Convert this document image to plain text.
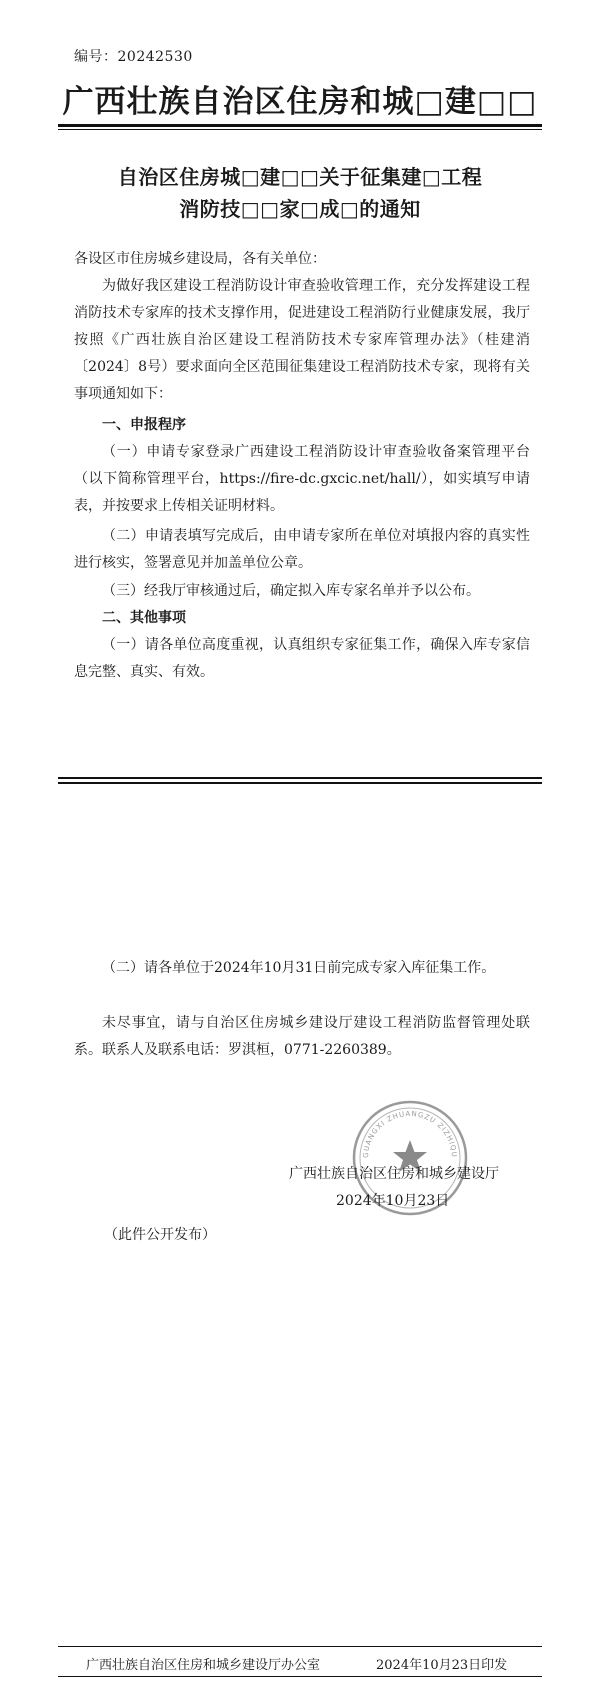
编号：20242530
广西壮族自治区住房和城□建□□
自治区住房城□建□□关于征集建□工程
消防技□□家□成□的通知

各设区市住房城乡建设局，各有关单位：

为做好我区建设工程消防设计审查验收管理工作，充分发挥建设工程消防技术专家库的技术支撑作用，促进建设工程消防行业健康发展，我厅按照《广西壮族自治区建设工程消防技术专家库管理办法》（桂建消〔2024〕8号）要求面向全区范围征集建设工程消防技术专家，现将有关事项通知如下：

一、申报程序

（一）申请专家登录广西建设工程消防设计审查验收备案管理平台（以下简称管理平台，https://fire-dc.gxcic.net/hall/），如实填写申请表，并按要求上传相关证明材料。

（二）申请表填写完成后，由申请专家所在单位对填报内容的真实性进行核实，签署意见并加盖单位公章。

（三）经我厅审核通过后，确定拟入库专家名单并予以公布。

二、其他事项

（一）请各单位高度重视，认真组织专家征集工作，确保入库专家信息完整、真实、有效。

（二）请各单位于2024年10月31日前完成专家入库征集工作。

未尽事宜，请与自治区住房城乡建设厅建设工程消防监督管理处联系。联系人及联系电话：罗淇桓，0771-2260389。

GUANGXI ZHUANGZU ZIZHIQU
广西壮族自治区住房和城乡建设厅
2024年10月23日
（此件公开发布）
广西壮族自治区住房和城乡建设厅办公室	2024年10月23日印发
